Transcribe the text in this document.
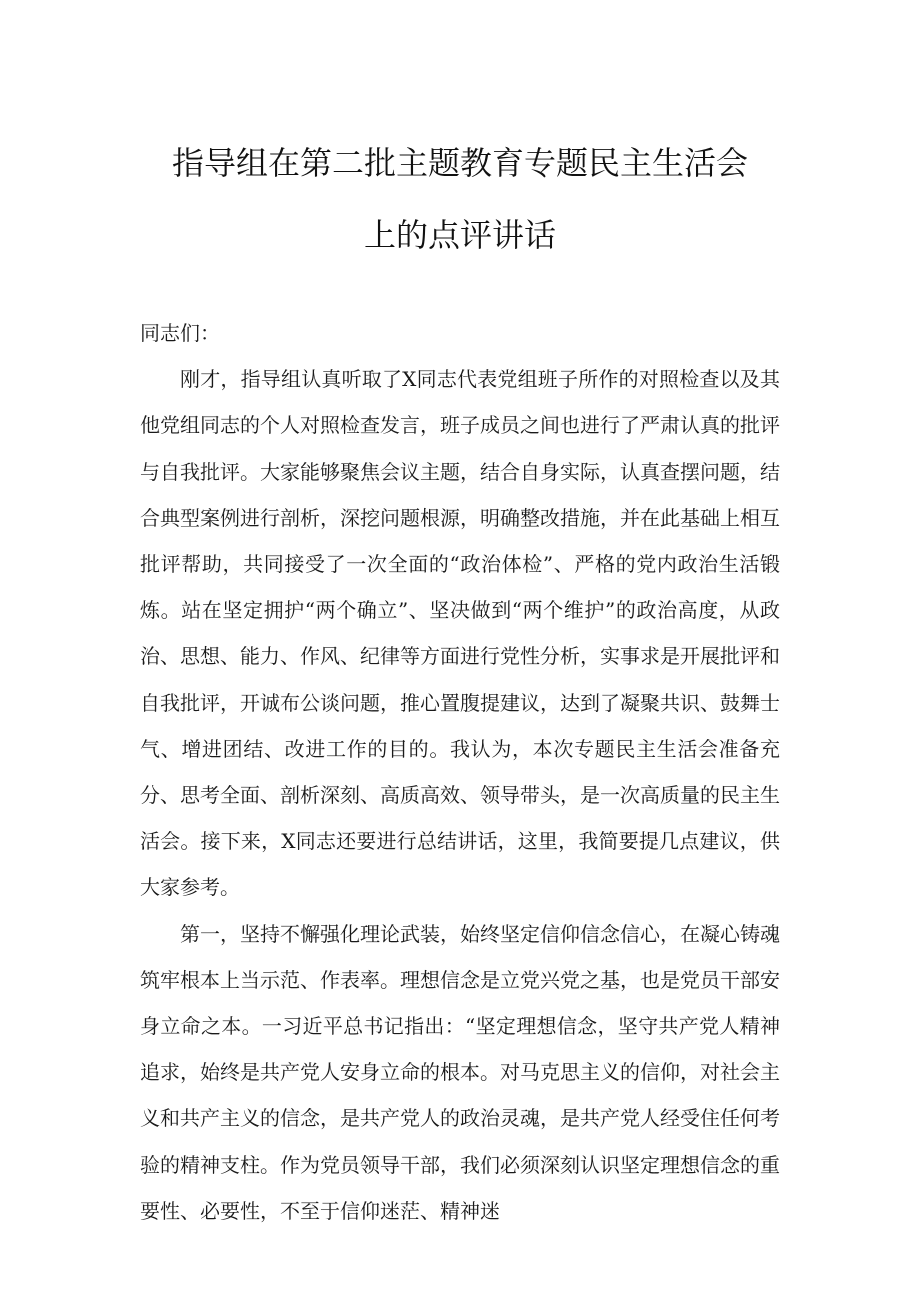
指导组在第二批主题教育专题民主生活会
上的点评讲话

同志们：

刚才，指导组认真听取了X同志代表党组班子所作的对照检查以及其他党组同志的个人对照检查发言，班子成员之间也进行了严肃认真的批评与自我批评。大家能够聚焦会议主题，结合自身实际，认真查摆问题，结合典型案例进行剖析，深挖问题根源，明确整改措施，并在此基础上相互批评帮助，共同接受了一次全面的“政治体检”、严格的党内政治生活锻炼。站在坚定拥护“两个确立”、坚决做到“两个维护”的政治高度，从政治、思想、能力、作风、纪律等方面进行党性分析，实事求是开展批评和自我批评，开诚布公谈问题，推心置腹提建议，达到了凝聚共识、鼓舞士气、增进团结、改进工作的目的。我认为，本次专题民主生活会准备充分、思考全面、剖析深刻、高质高效、领导带头，是一次高质量的民主生活会。接下来，X同志还要进行总结讲话，这里，我简要提几点建议，供大家参考。

第一，坚持不懈强化理论武装，始终坚定信仰信念信心，在凝心铸魂筑牢根本上当示范、作表率。理想信念是立党兴党之基，也是党员干部安身立命之本。一习近平总书记指出：“坚定理想信念，坚守共产党人精神追求，始终是共产党人安身立命的根本。对马克思主义的信仰，对社会主义和共产主义的信念，是共产党人的政治灵魂，是共产党人经受住任何考验的精神支柱。作为党员领导干部，我们必须深刻认识坚定理想信念的重要性、必要性，不至于信仰迷茫、精神迷
